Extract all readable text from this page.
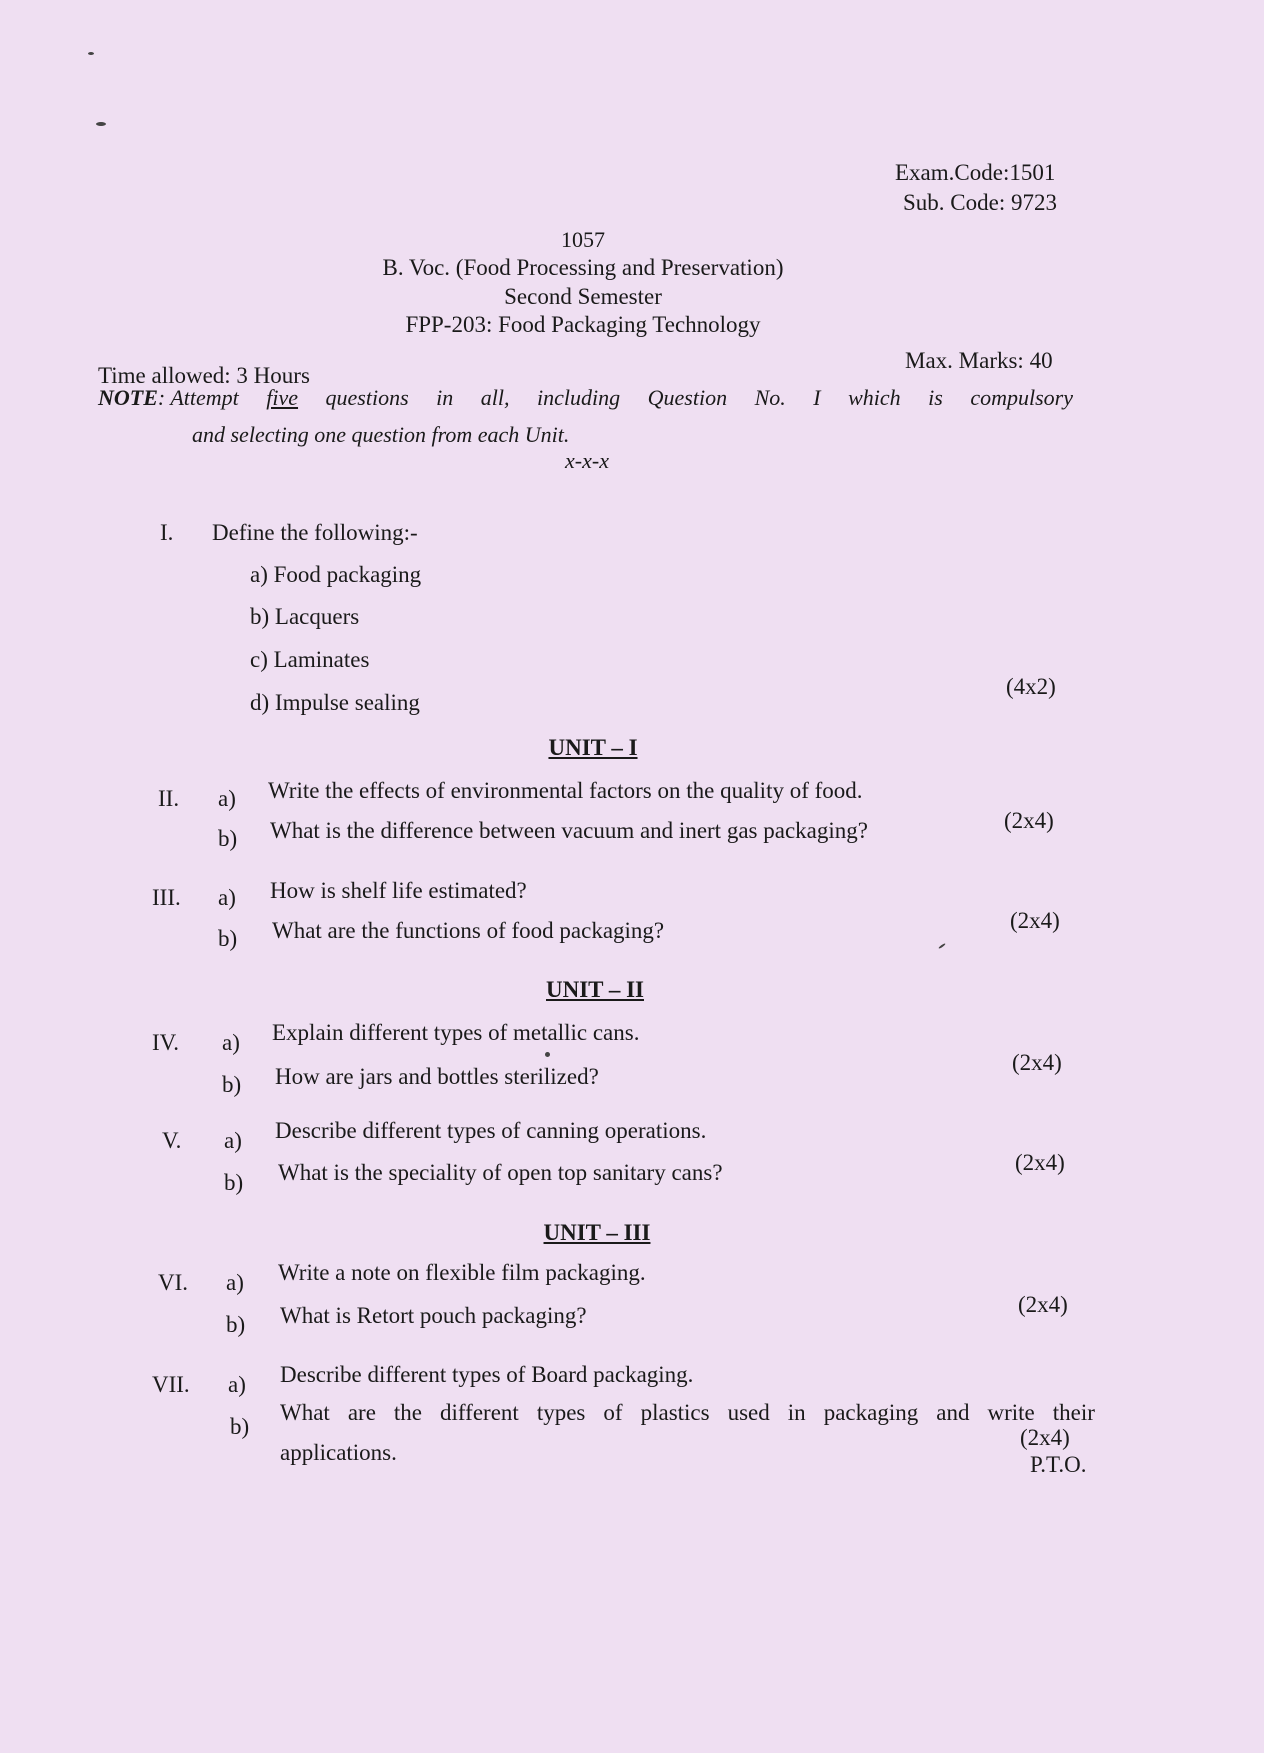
Exam.Code:1501
Sub. Code: 9723
1057
B. Voc. (Food Processing and Preservation)
Second Semester
FPP-203: Food Packaging Technology
Time allowed: 3 Hours
Max. Marks: 40
NOTE: Attempt five questions in all, including Question No. I which is compulsory
and selecting one question from each Unit.
x-x-x
I. Define the following:-
a) Food packaging
b) Lacquers
c) Laminates
d) Impulse sealing
(4x2)
UNIT – I
II. a) Write the effects of environmental factors on the quality of food.
b) What is the difference between vacuum and inert gas packaging?	(2x4)
III. a) How is shelf life estimated?
b) What are the functions of food packaging?	(2x4)
UNIT – II
IV. a) Explain different types of metallic cans.
b) How are jars and bottles sterilized?
(2x4)
V. a) Describe different types of canning operations.
b) What is the speciality of open top sanitary cans?	(2x4)
UNIT – III
VI. a) Write a note on flexible film packaging.
b) What is Retort pouch packaging?	(2x4)
VII. a) Describe different types of Board packaging.
b)
What are the different types of plastics used in packaging and write their
applications.
(2x4)
P.T.O.
